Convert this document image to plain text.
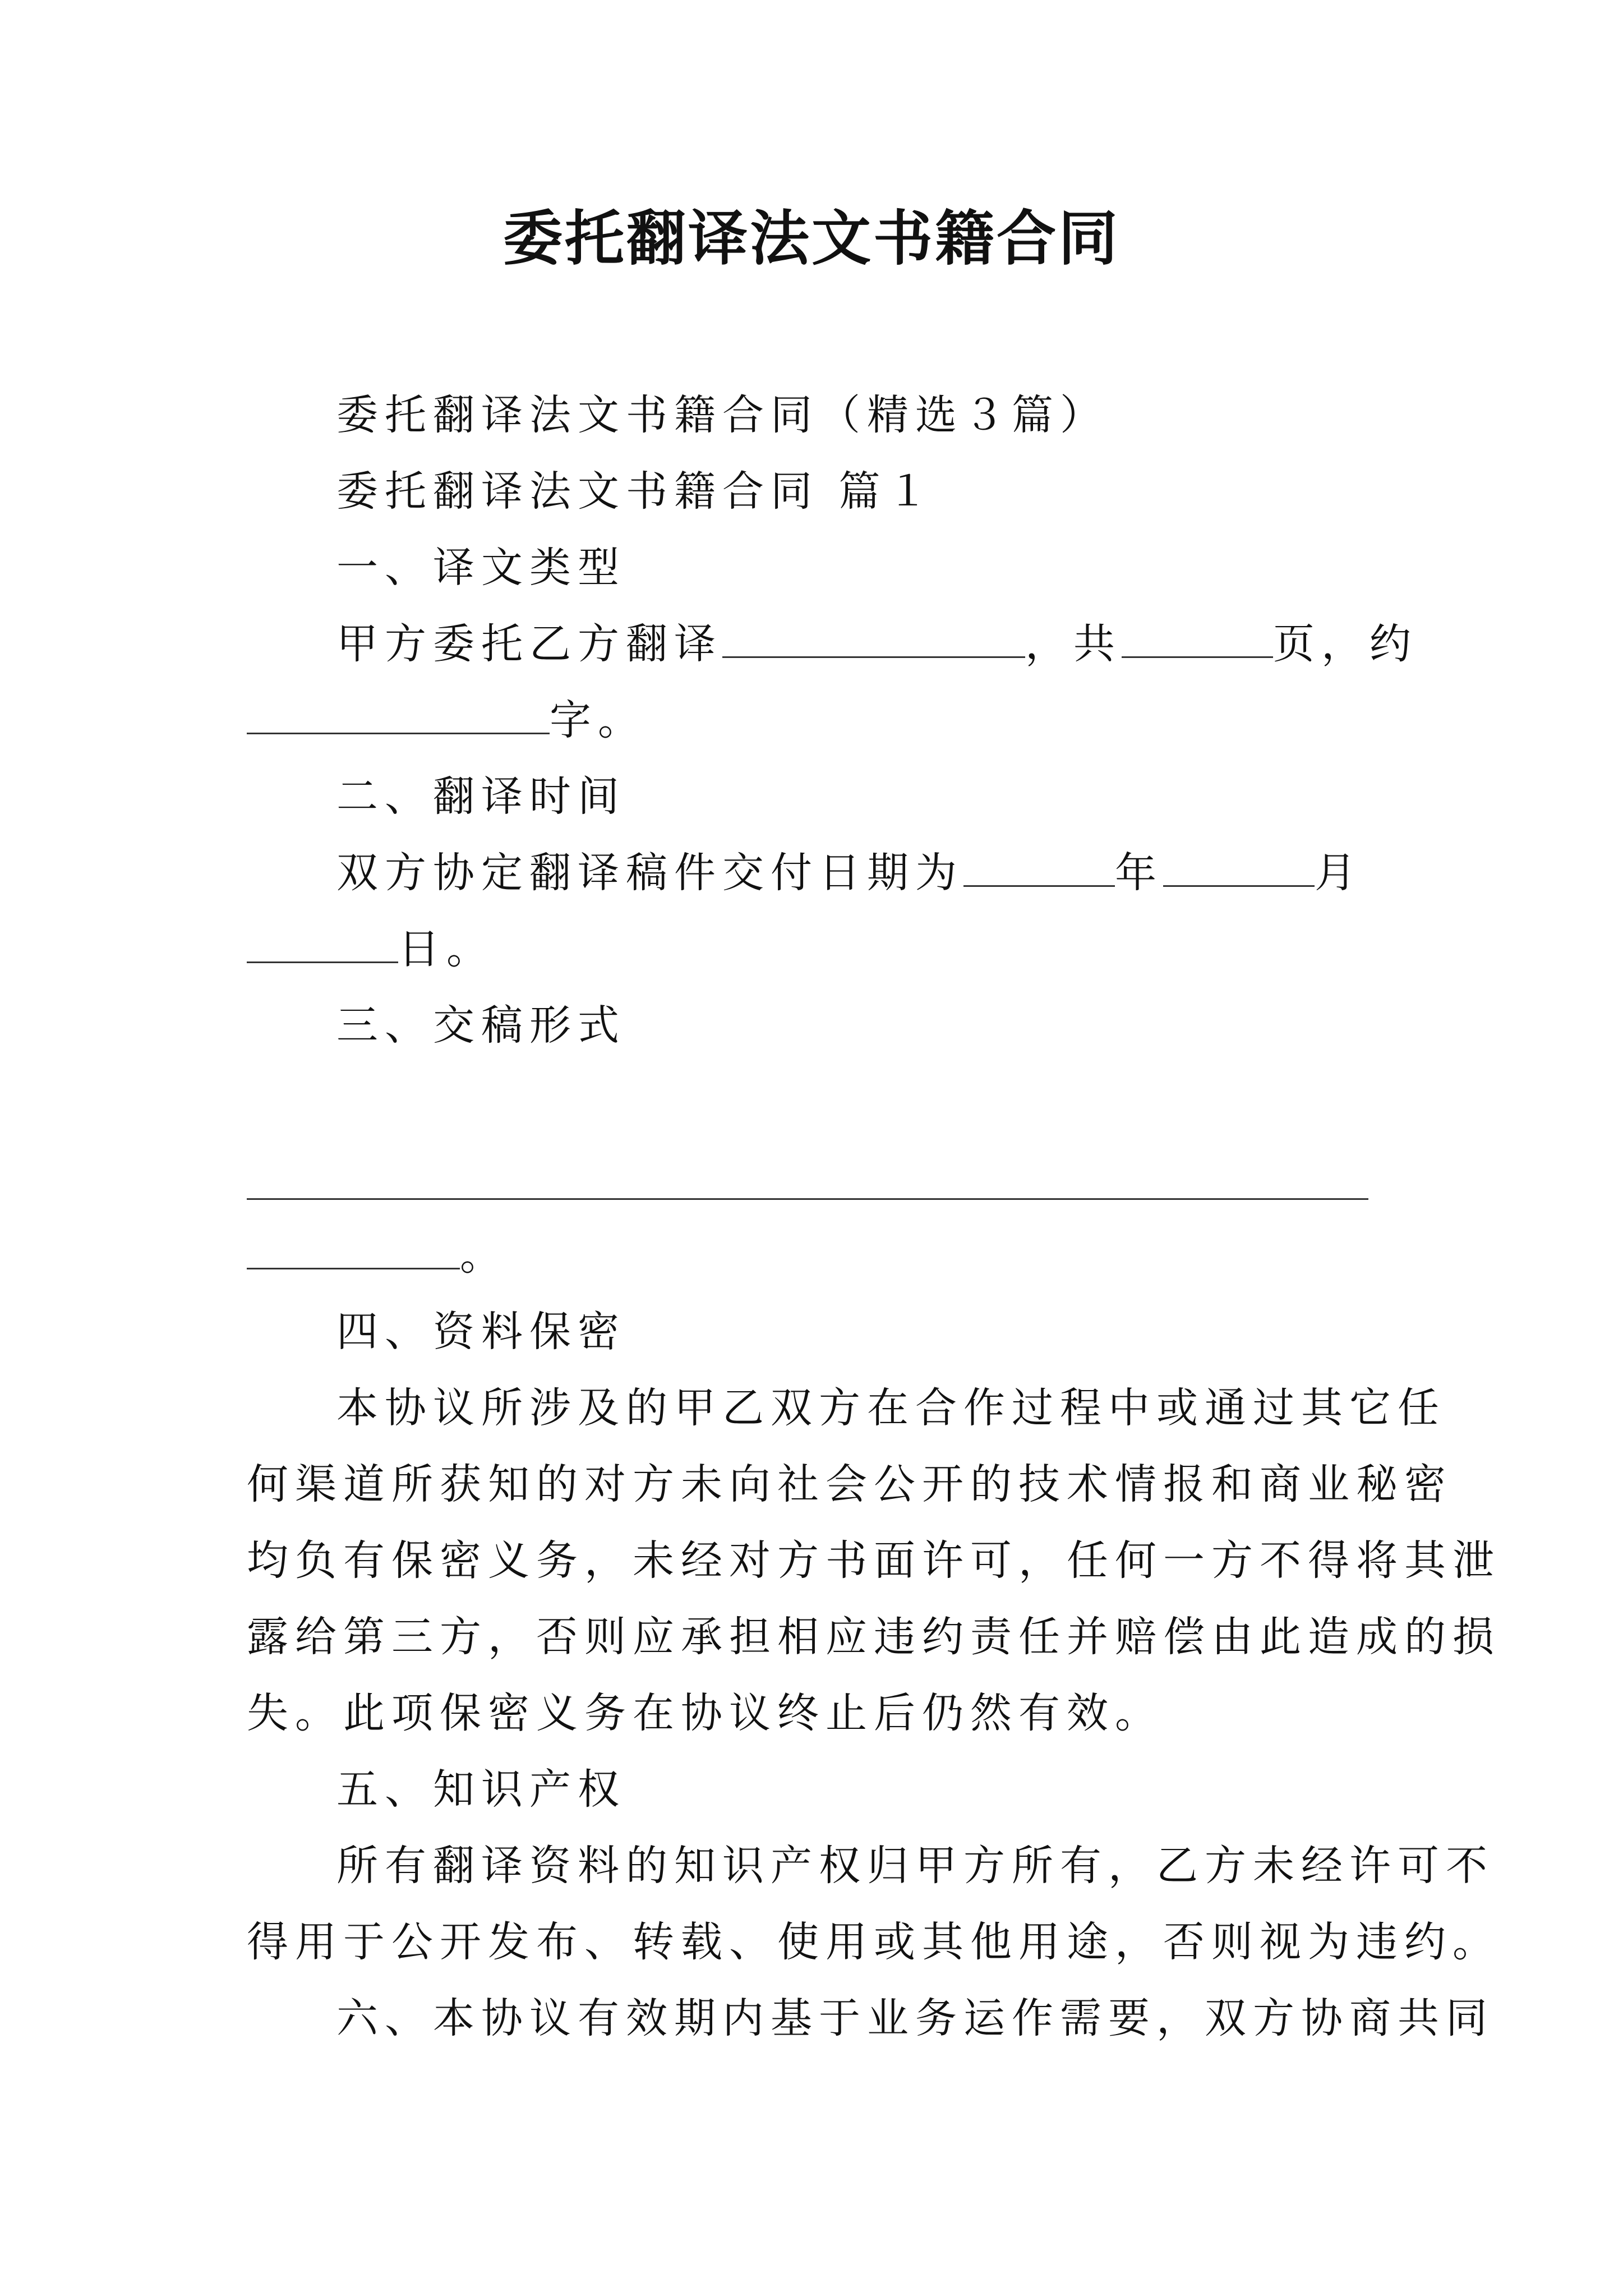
委托翻译法文书籍合同
委托翻译法文书籍合同（精选３篇）
委托翻译法文书籍合同 篇１
一、译文类型
甲方委托乙方翻译	，共	页，约
字。
二、翻译时间
双方协定翻译稿件交付日期为	年	月
日。
三、交稿形式
。
四、资料保密
本协议所涉及的甲乙双方在合作过程中或通过其它任
何渠道所获知的对方未向社会公开的技术情报和商业秘密
均负有保密义务，未经对方书面许可，任何一方不得将其泄
露给第三方，否则应承担相应违约责任并赔偿由此造成的损
失。此项保密义务在协议终止后仍然有效。
五、知识产权
所有翻译资料的知识产权归甲方所有，乙方未经许可不
得用于公开发布、转载、使用或其他用途，否则视为违约。
六、本协议有效期内基于业务运作需要，双方协商共同
